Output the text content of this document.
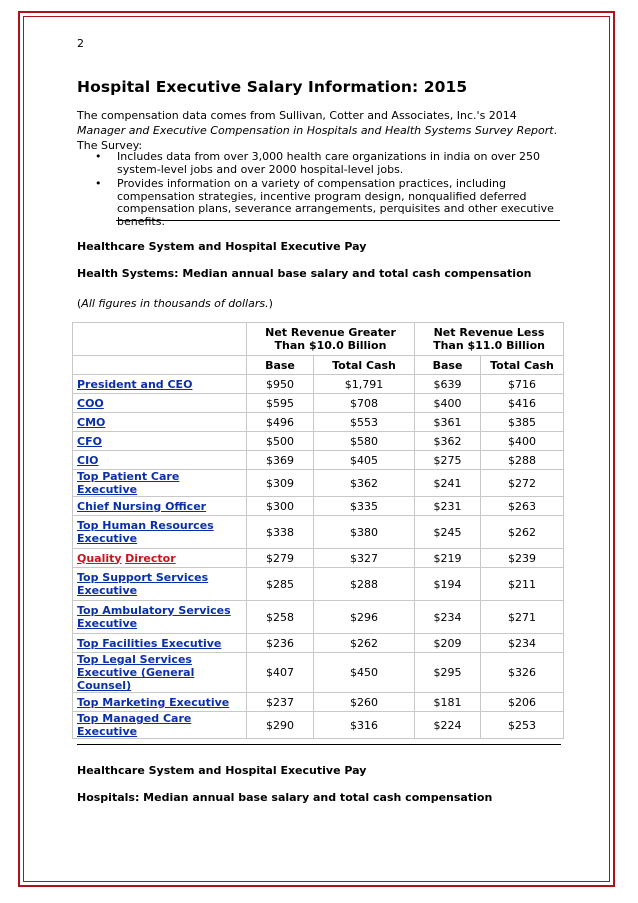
2
Hospital Executive Salary Information: 2015
The compensation data comes from Sullivan, Cotter and Associates, Inc.'s 2014 Manager and Executive Compensation in Hospitals and Health Systems Survey Report. The Survey:
• Includes data from over 3,000 health care organizations in india on over 250 system-level jobs and over 2000 hospital-level jobs.
• Provides information on a variety of compensation practices, including compensation strategies, incentive program design, nonqualified deferred compensation plans, severance arrangements, perquisites and other executive benefits.
Healthcare System and Hospital Executive Pay
Health Systems: Median annual base salary and total cash compensation
(All figures in thousands of dollars.)
	Net Revenue Greater Than $10.0 Billion		Net Revenue Less Than $11.0 Billion	
	Base	Total Cash	Base	Total Cash
President and CEO	$950	$1,791	$639	$716
COO	$595	$708	$400	$416
CMO	$496	$553	$361	$385
CFO	$500	$580	$362	$400
CIO	$369	$405	$275	$288
Top Patient Care Executive	$309	$362	$241	$272
Chief Nursing Officer	$300	$335	$231	$263
Top Human Resources Executive	$338	$380	$245	$262
Quality Director	$279	$327	$219	$239
Top Support Services Executive	$285	$288	$194	$211
Top Ambulatory Services Executive	$258	$296	$234	$271
Top Facilities Executive	$236	$262	$209	$234
Top Legal Services Executive (General Counsel)	$407	$450	$295	$326
Top Marketing Executive	$237	$260	$181	$206
Top Managed Care Executive	$290	$316	$224	$253
Healthcare System and Hospital Executive Pay
Hospitals: Median annual base salary and total cash compensation
